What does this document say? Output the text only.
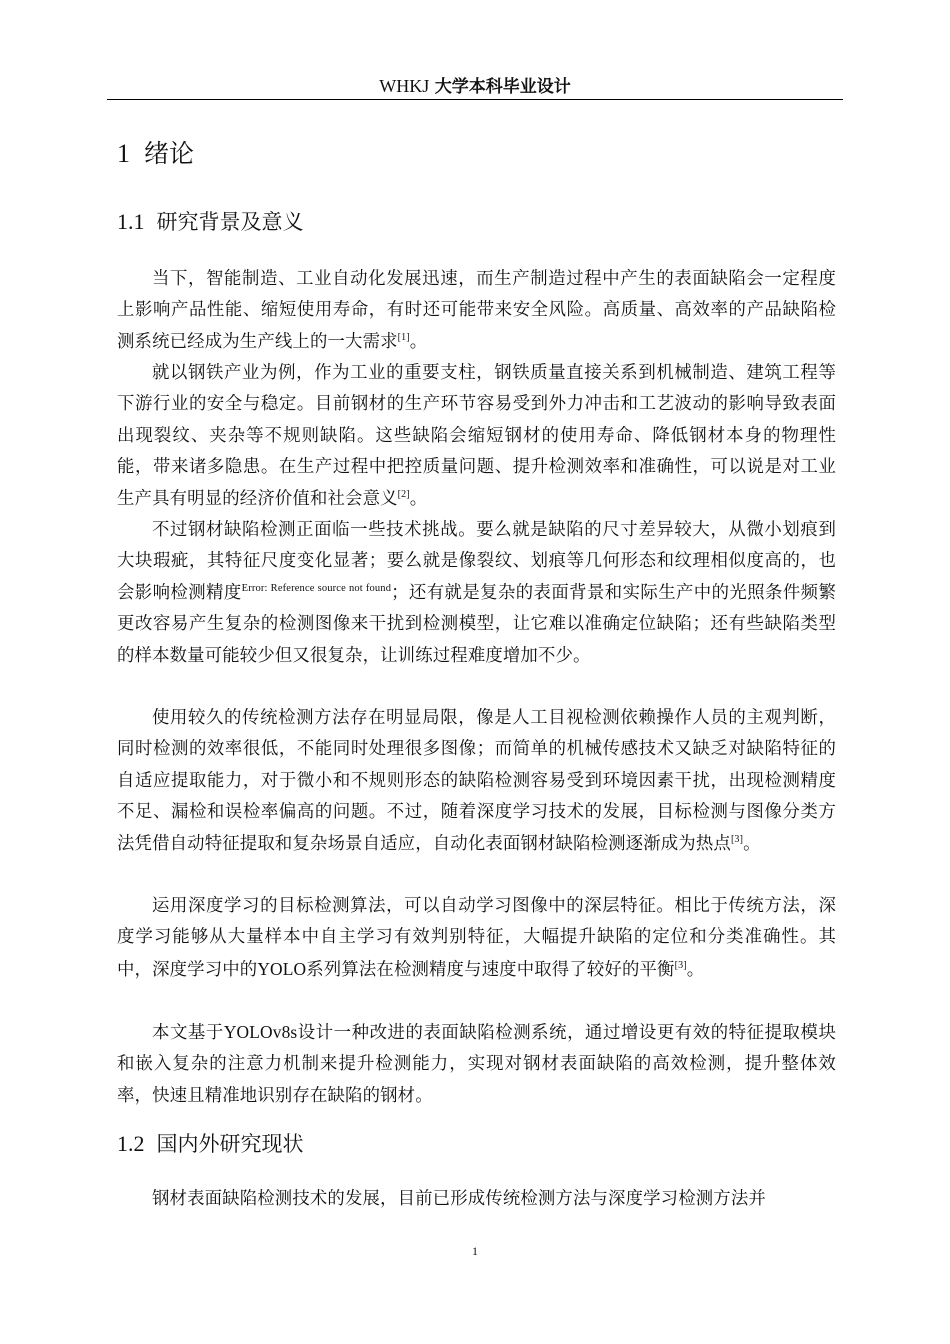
WHKJ 大学本科毕业设计
1 绪论
1.1 研究背景及意义
当下，智能制造、工业自动化发展迅速，而生产制造过程中产生的表面缺陷会一定程度上影响产品性能、缩短使用寿命，有时还可能带来安全风险。高质量、高效率的产品缺陷检测系统已经成为生产线上的一大需求[1]。
就以钢铁产业为例，作为工业的重要支柱，钢铁质量直接关系到机械制造、建筑工程等下游行业的安全与稳定。目前钢材的生产环节容易受到外力冲击和工艺波动的影响导致表面出现裂纹、夹杂等不规则缺陷。这些缺陷会缩短钢材的使用寿命、降低钢材本身的物理性能，带来诸多隐患。在生产过程中把控质量问题、提升检测效率和准确性，可以说是对工业生产具有明显的经济价值和社会意义[2]。
不过钢材缺陷检测正面临一些技术挑战。要么就是缺陷的尺寸差异较大，从微小划痕到大块瑕疵，其特征尺度变化显著；要么就是像裂纹、划痕等几何形态和纹理相似度高的，也会影响检测精度$^{Error: Reference source not found}$；还有就是复杂的表面背景和实际生产中的光照条件频繁更改容易产生复杂的检测图像来干扰到检测模型，让它难以准确定位缺陷；还有些缺陷类型的样本数量可能较少但又很复杂，让训练过程难度增加不少。
使用较久的传统检测方法存在明显局限，像是人工目视检测依赖操作人员的主观判断，同时检测的效率很低，不能同时处理很多图像；而简单的机械传感技术又缺乏对缺陷特征的自适应提取能力，对于微小和不规则形态的缺陷检测容易受到环境因素干扰，出现检测精度不足、漏检和误检率偏高的问题。不过，随着深度学习技术的发展，目标检测与图像分类方法凭借自动特征提取和复杂场景自适应，自动化表面钢材缺陷检测逐渐成为热点[3]。
运用深度学习的目标检测算法，可以自动学习图像中的深层特征。相比于传统方法，深度学习能够从大量样本中自主学习有效判别特征，大幅提升缺陷的定位和分类准确性。其中，深度学习中的YOLO系列算法在检测精度与速度中取得了较好的平衡[3]。
本文基于YOLOv8s设计一种改进的表面缺陷检测系统，通过增设更有效的特征提取模块和嵌入复杂的注意力机制来提升检测能力，实现对钢材表面缺陷的高效检测，提升整体效率，快速且精准地识别存在缺陷的钢材。
1.2 国内外研究现状
钢材表面缺陷检测技术的发展，目前已形成传统检测方法与深度学习检测方法并
1
